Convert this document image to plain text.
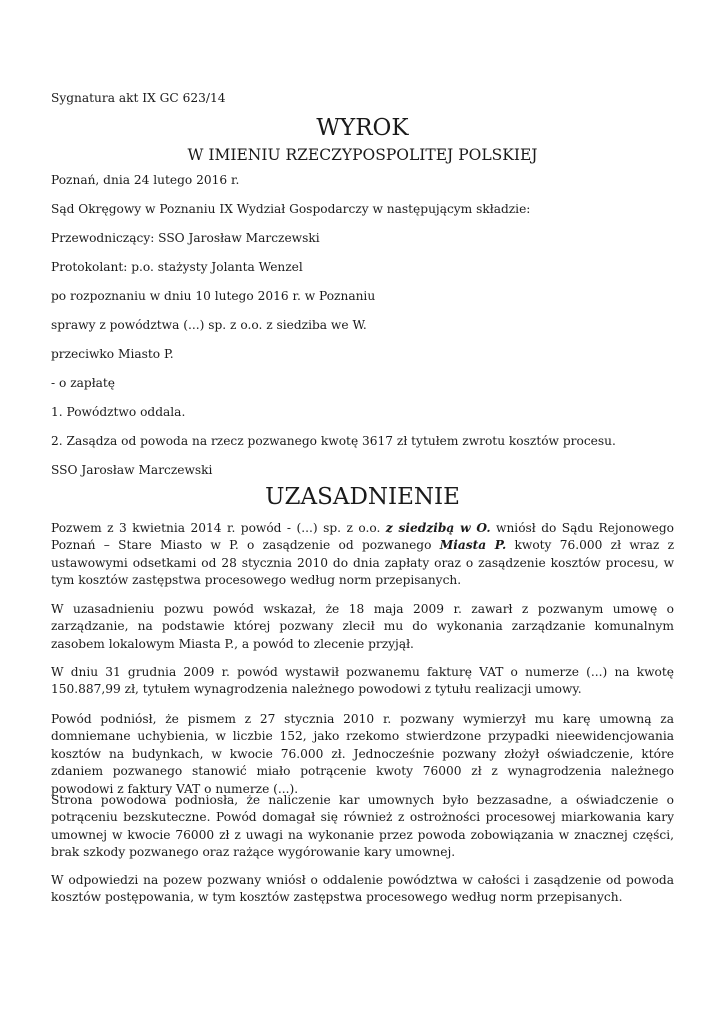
Sygnatura akt IX GC 623/14
WYROK
W IMIENIU RZECZYPOSPOLITEJ POLSKIEJ
Poznań, dnia 24 lutego 2016 r.
Sąd Okręgowy w Poznaniu IX Wydział Gospodarczy w następującym składzie:
Przewodniczący: SSO Jarosław Marczewski
Protokolant: p.o. stażysty Jolanta Wenzel
po rozpoznaniu w dniu 10 lutego 2016 r. w Poznaniu
sprawy z powództwa (...) sp. z o.o. z siedziba we W.
przeciwko Miasto P.
- o zapłatę
1. Powództwo oddala.
2. Zasądza od powoda na rzecz pozwanego kwotę 3617 zł tytułem zwrotu kosztów procesu.
SSO Jarosław Marczewski
UZASADNIENIE
Pozwem z 3 kwietnia 2014 r. powód - (...) sp. z o.o. z siedzibą w O. wniósł do Sądu Rejonowego Poznań – Stare Miasto w P. o zasądzenie od pozwanego Miasta P. kwoty 76.000 zł wraz z ustawowymi odsetkami od 28 stycznia 2010 do dnia zapłaty oraz o zasądzenie kosztów procesu, w tym kosztów zastępstwa procesowego według norm przepisanych.
W uzasadnieniu pozwu powód wskazał, że 18 maja 2009 r. zawarł z pozwanym umowę o zarządzanie, na podstawie której pozwany zlecił mu do wykonania zarządzanie komunalnym zasobem lokalowym Miasta P., a powód to zlecenie przyjął.
W dniu 31 grudnia 2009 r. powód wystawił pozwanemu fakturę VAT o numerze (...) na kwotę 150.887,99 zł, tytułem wynagrodzenia należnego powodowi z tytułu realizacji umowy.
Powód podniósł, że pismem z 27 stycznia 2010 r. pozwany wymierzył mu karę umowną za domniemane uchybienia, w liczbie 152, jako rzekomo stwierdzone przypadki nieewidencjowania kosztów na budynkach, w kwocie 76.000 zł. Jednocześnie pozwany złożył oświadczenie, które zdaniem pozwanego stanowić miało potrącenie kwoty 76000 zł z wynagrodzenia należnego powodowi z faktury VAT o numerze (...).
Strona powodowa podniosła, że naliczenie kar umownych było bezzasadne, a oświadczenie o potrąceniu bezskuteczne. Powód domagał się również z ostrożności procesowej miarkowania kary umownej w kwocie 76000 zł z uwagi na wykonanie przez powoda zobowiązania w znacznej części, brak szkody pozwanego oraz rażące wygórowanie kary umownej.
W odpowiedzi na pozew pozwany wniósł o oddalenie powództwa w całości i zasądzenie od powoda kosztów postępowania, w tym kosztów zastępstwa procesowego według norm przepisanych.
